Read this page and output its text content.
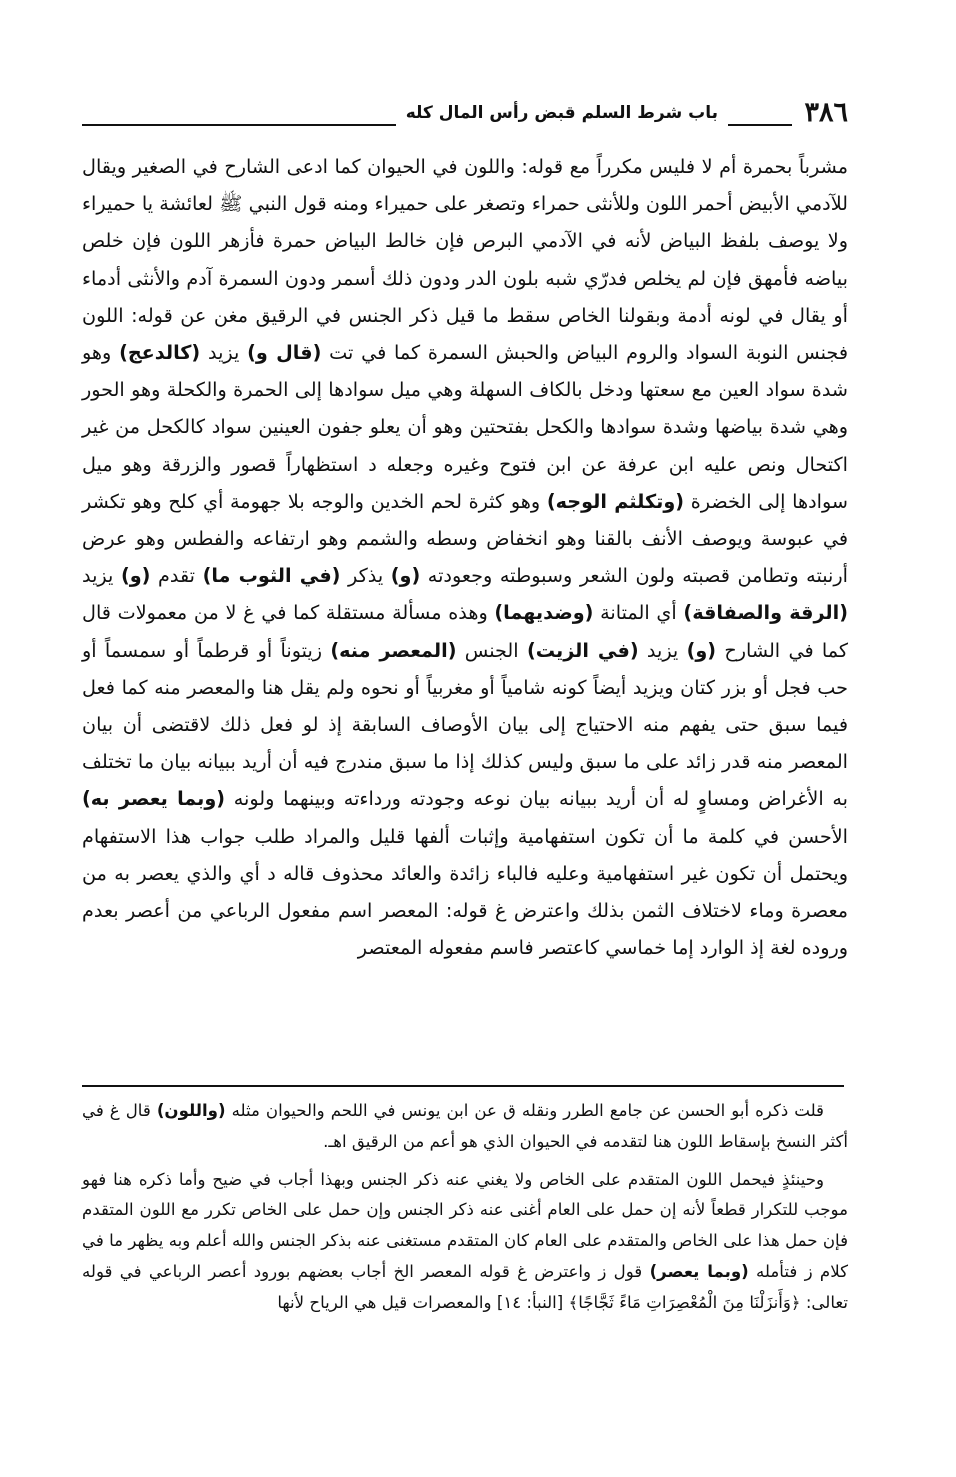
٣٨٦
باب شرط السلم قبض رأس المال كله

مشرباً بحمرة أم لا فليس مكرراً مع قوله: واللون في الحيوان كما ادعى الشارح في الصغير ويقال للآدمي الأبيض أحمر اللون وللأنثى حمراء وتصغر على حميراء ومنه قول النبي ﷺ لعائشة يا حميراء ولا يوصف بلفظ البياض لأنه في الآدمي البرص فإن خالط البياض حمرة فأزهر اللون فإن خلص بياضه فأمهق فإن لم يخلص فدرّي شبه بلون الدر ودون ذلك أسمر ودون السمرة آدم والأنثى أدماء أو يقال في لونه أدمة وبقولنا الخاص سقط ما قيل ذكر الجنس في الرقيق مغن عن قوله: اللون فجنس النوبة السواد والروم البياض والحبش السمرة كما في تت (قال و) يزيد (كالدعج) وهو شدة سواد العين مع سعتها ودخل بالكاف السهلة وهي ميل سوادها إلى الحمرة والكحلة وهو الحور وهي شدة بياضها وشدة سوادها والكحل بفتحتين وهو أن يعلو جفون العينين سواد كالكحل من غير اكتحال ونص عليه ابن عرفة عن ابن فتوح وغيره وجعله د استظهاراً قصور والزرقة وهو ميل سوادها إلى الخضرة (وتكلثم الوجه) وهو كثرة لحم الخدين والوجه بلا جهومة أي كلح وهو تكشر في عبوسة ويوصف الأنف بالقنا وهو انخفاض وسطه والشمم وهو ارتفاعه والفطس وهو عرض أرنبته وتطامن قصبته ولون الشعر وسبوطته وجعودته (و) يذكر (في الثوب ما) تقدم (و) يزيد (الرقة والصفاقة) أي المتانة (وضديهما) وهذه مسألة مستقلة كما في غ لا من معمولات قال كما في الشارح (و) يزيد (في الزيت) الجنس (المعصر منه) زيتوناً أو قرطماً أو سمسماً أو حب فجل أو بزر كتان ويزيد أيضاً كونه شامياً أو مغربياً أو نحوه ولم يقل هنا والمعصر منه كما فعل فيما سبق حتى يفهم منه الاحتياج إلى بيان الأوصاف السابقة إذ لو فعل ذلك لاقتضى أن بيان المعصر منه قدر زائد على ما سبق وليس كذلك إذا ما سبق مندرج فيه أن أريد ببيانه بيان ما تختلف به الأغراض ومساوٍ له أن أريد ببيانه بيان نوعه وجودته ورداءته وبينهما ولونه (وبما يعصر به) الأحسن في كلمة ما أن تكون استفهامية وإثبات ألفها قليل والمراد طلب جواب هذا الاستفهام ويحتمل أن تكون غير استفهامية وعليه فالباء زائدة والعائد محذوف قاله د أي والذي يعصر به من معصرة وماء لاختلاف الثمن بذلك واعترض غ قوله: المعصر اسم مفعول الرباعي من أعصر بعدم وروده لغة إذ الوارد إما خماسي كاعتصر فاسم مفعوله المعتصر

قلت ذكره أبو الحسن عن جامع الطرر ونقله ق عن ابن يونس في اللحم والحيوان مثله (واللون) قال غ في أكثر النسخ بإسقاط اللون هنا لتقدمه في الحيوان الذي هو أعم من الرقيق اهـ.

وحينئذٍ فيحمل اللون المتقدم على الخاص ولا يغني عنه ذكر الجنس وبهذا أجاب في ضيح وأما ذكره هنا فهو موجب للتكرار قطعاً لأنه إن حمل على العام أغنى عنه ذكر الجنس وإن حمل على الخاص تكرر مع اللون المتقدم فإن حمل هذا على الخاص والمتقدم على العام كان المتقدم مستغنى عنه بذكر الجنس والله أعلم وبه يظهر ما في كلام ز فتأمله (وبما يعصر) قول ز واعترض غ قوله المعصر الخ أجاب بعضهم بورود أعصر الرباعي في قوله تعالى: ﴿وَأَنزَلْنَا مِنَ الْمُعْصِرَاتِ مَاءً ثَجَّاجًا﴾ [النبأ: ١٤] والمعصرات قيل هي الرياح لأنها
